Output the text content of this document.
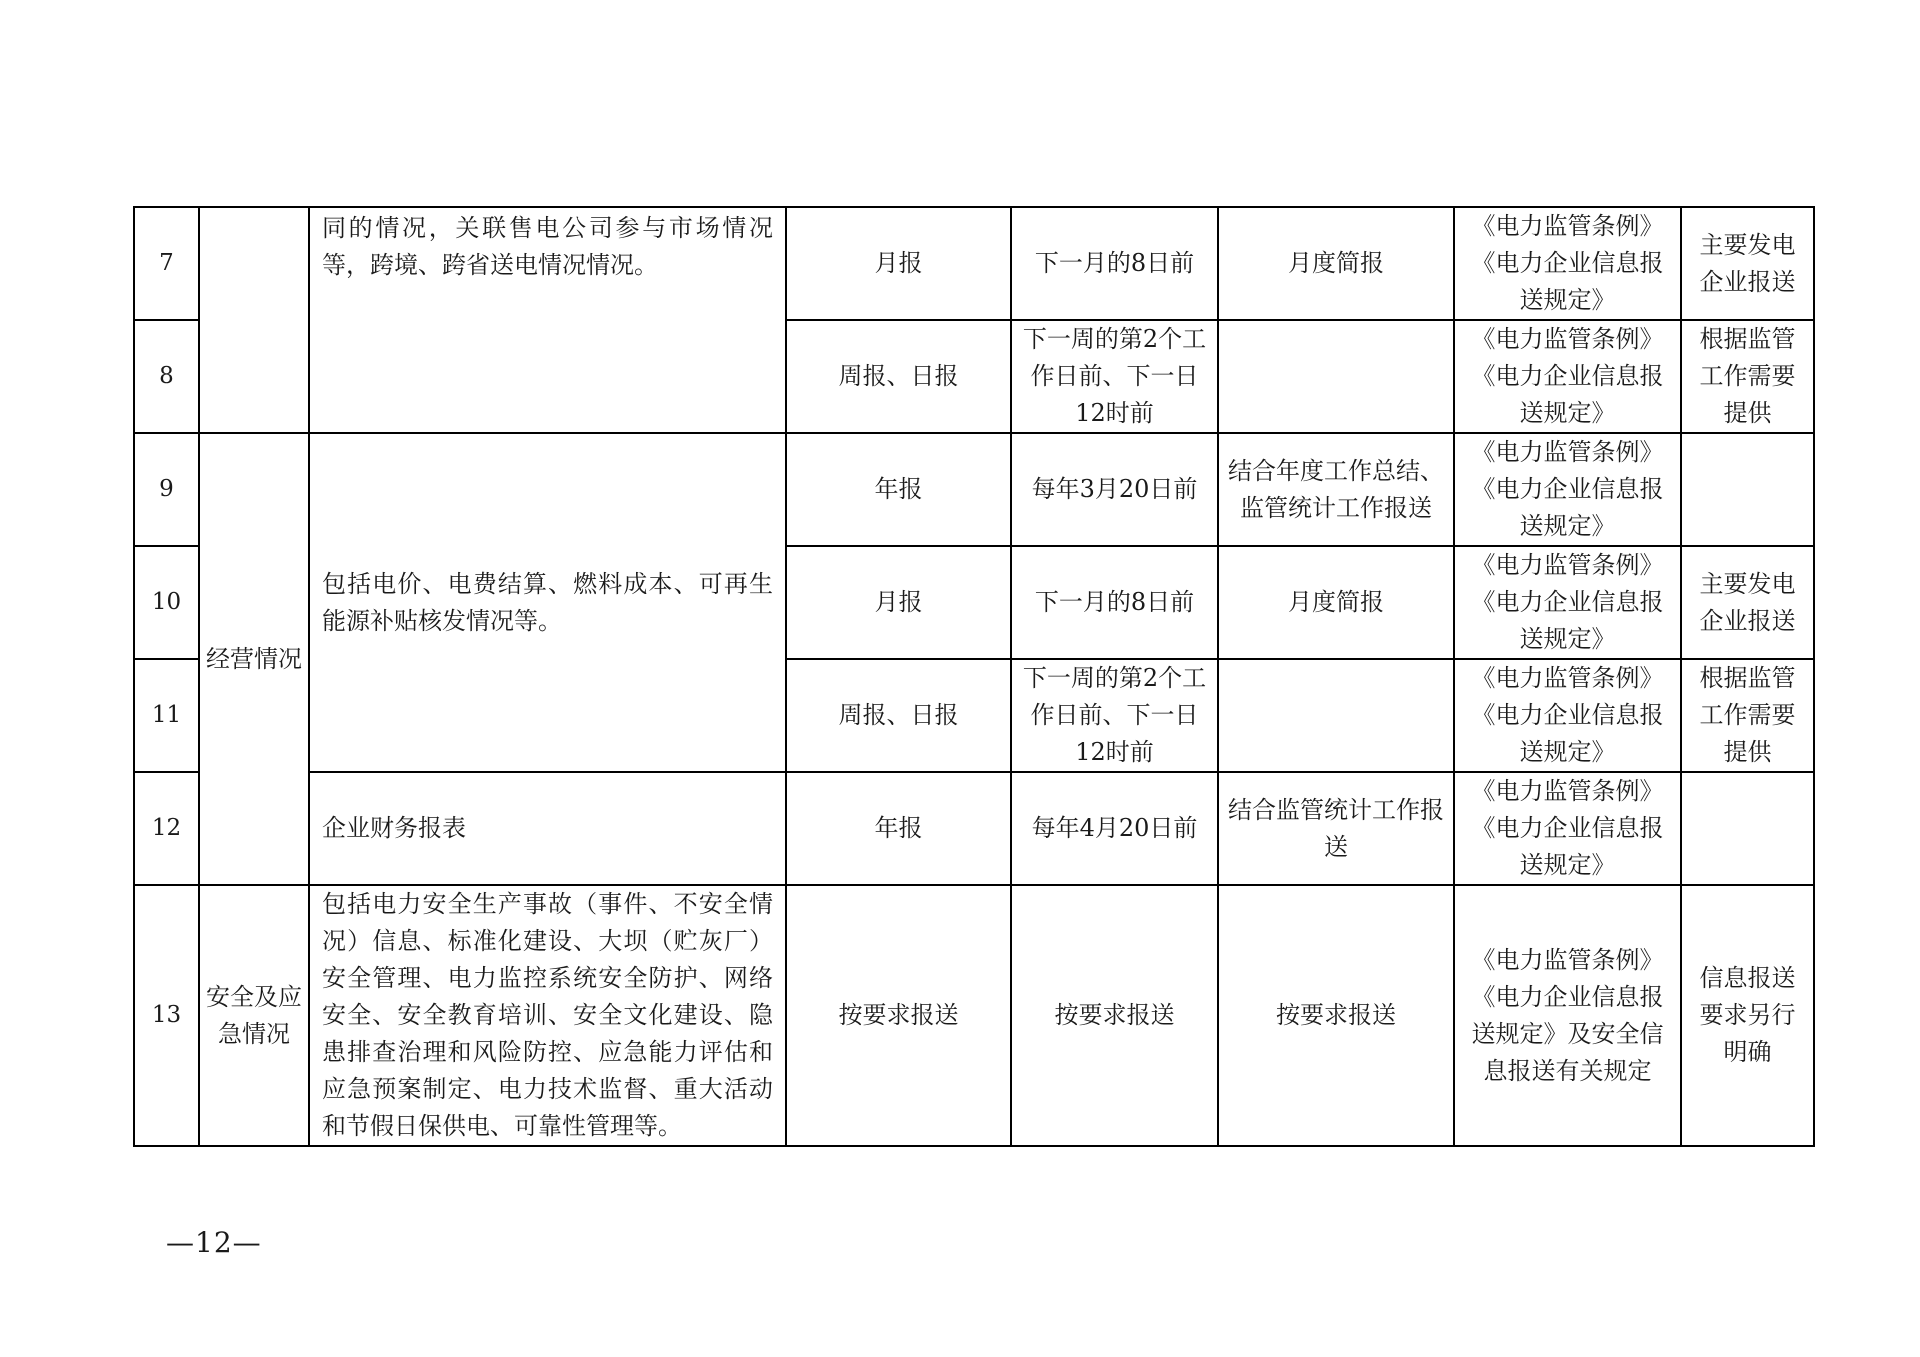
7		同的情况，关联售电公司参与市场情况等，跨境、跨省送电情况情况。	月报	下一月的8日前	月度简报	《电力监管条例》《电力企业信息报送规定》	主要发电企业报送
8			周报、日报	下一周的第2个工作日前、下一日12时前		《电力监管条例》《电力企业信息报送规定》	根据监管工作需要提供
9	经营情况	包括电价、电费结算、燃料成本、可再生能源补贴核发情况等。	年报	每年3月20日前	结合年度工作总结、监管统计工作报送	《电力监管条例》《电力企业信息报送规定》	
10			月报	下一月的8日前	月度简报	《电力监管条例》《电力企业信息报送规定》	主要发电企业报送
11			周报、日报	下一周的第2个工作日前、下一日12时前		《电力监管条例》《电力企业信息报送规定》	根据监管工作需要提供
12		企业财务报表	年报	每年4月20日前	结合监管统计工作报送	《电力监管条例》《电力企业信息报送规定》	
13	安全及应急情况	包括电力安全生产事故（事件、不安全情况）信息、标准化建设、大坝（贮灰厂）安全管理、电力监控系统安全防护、网络安全、安全教育培训、安全文化建设、隐患排查治理和风险防控、应急能力评估和应急预案制定、电力技术监督、重大活动和节假日保供电、可靠性管理等。	按要求报送	按要求报送	按要求报送	《电力监管条例》《电力企业信息报送规定》及安全信息报送有关规定	信息报送要求另行明确
—12—
